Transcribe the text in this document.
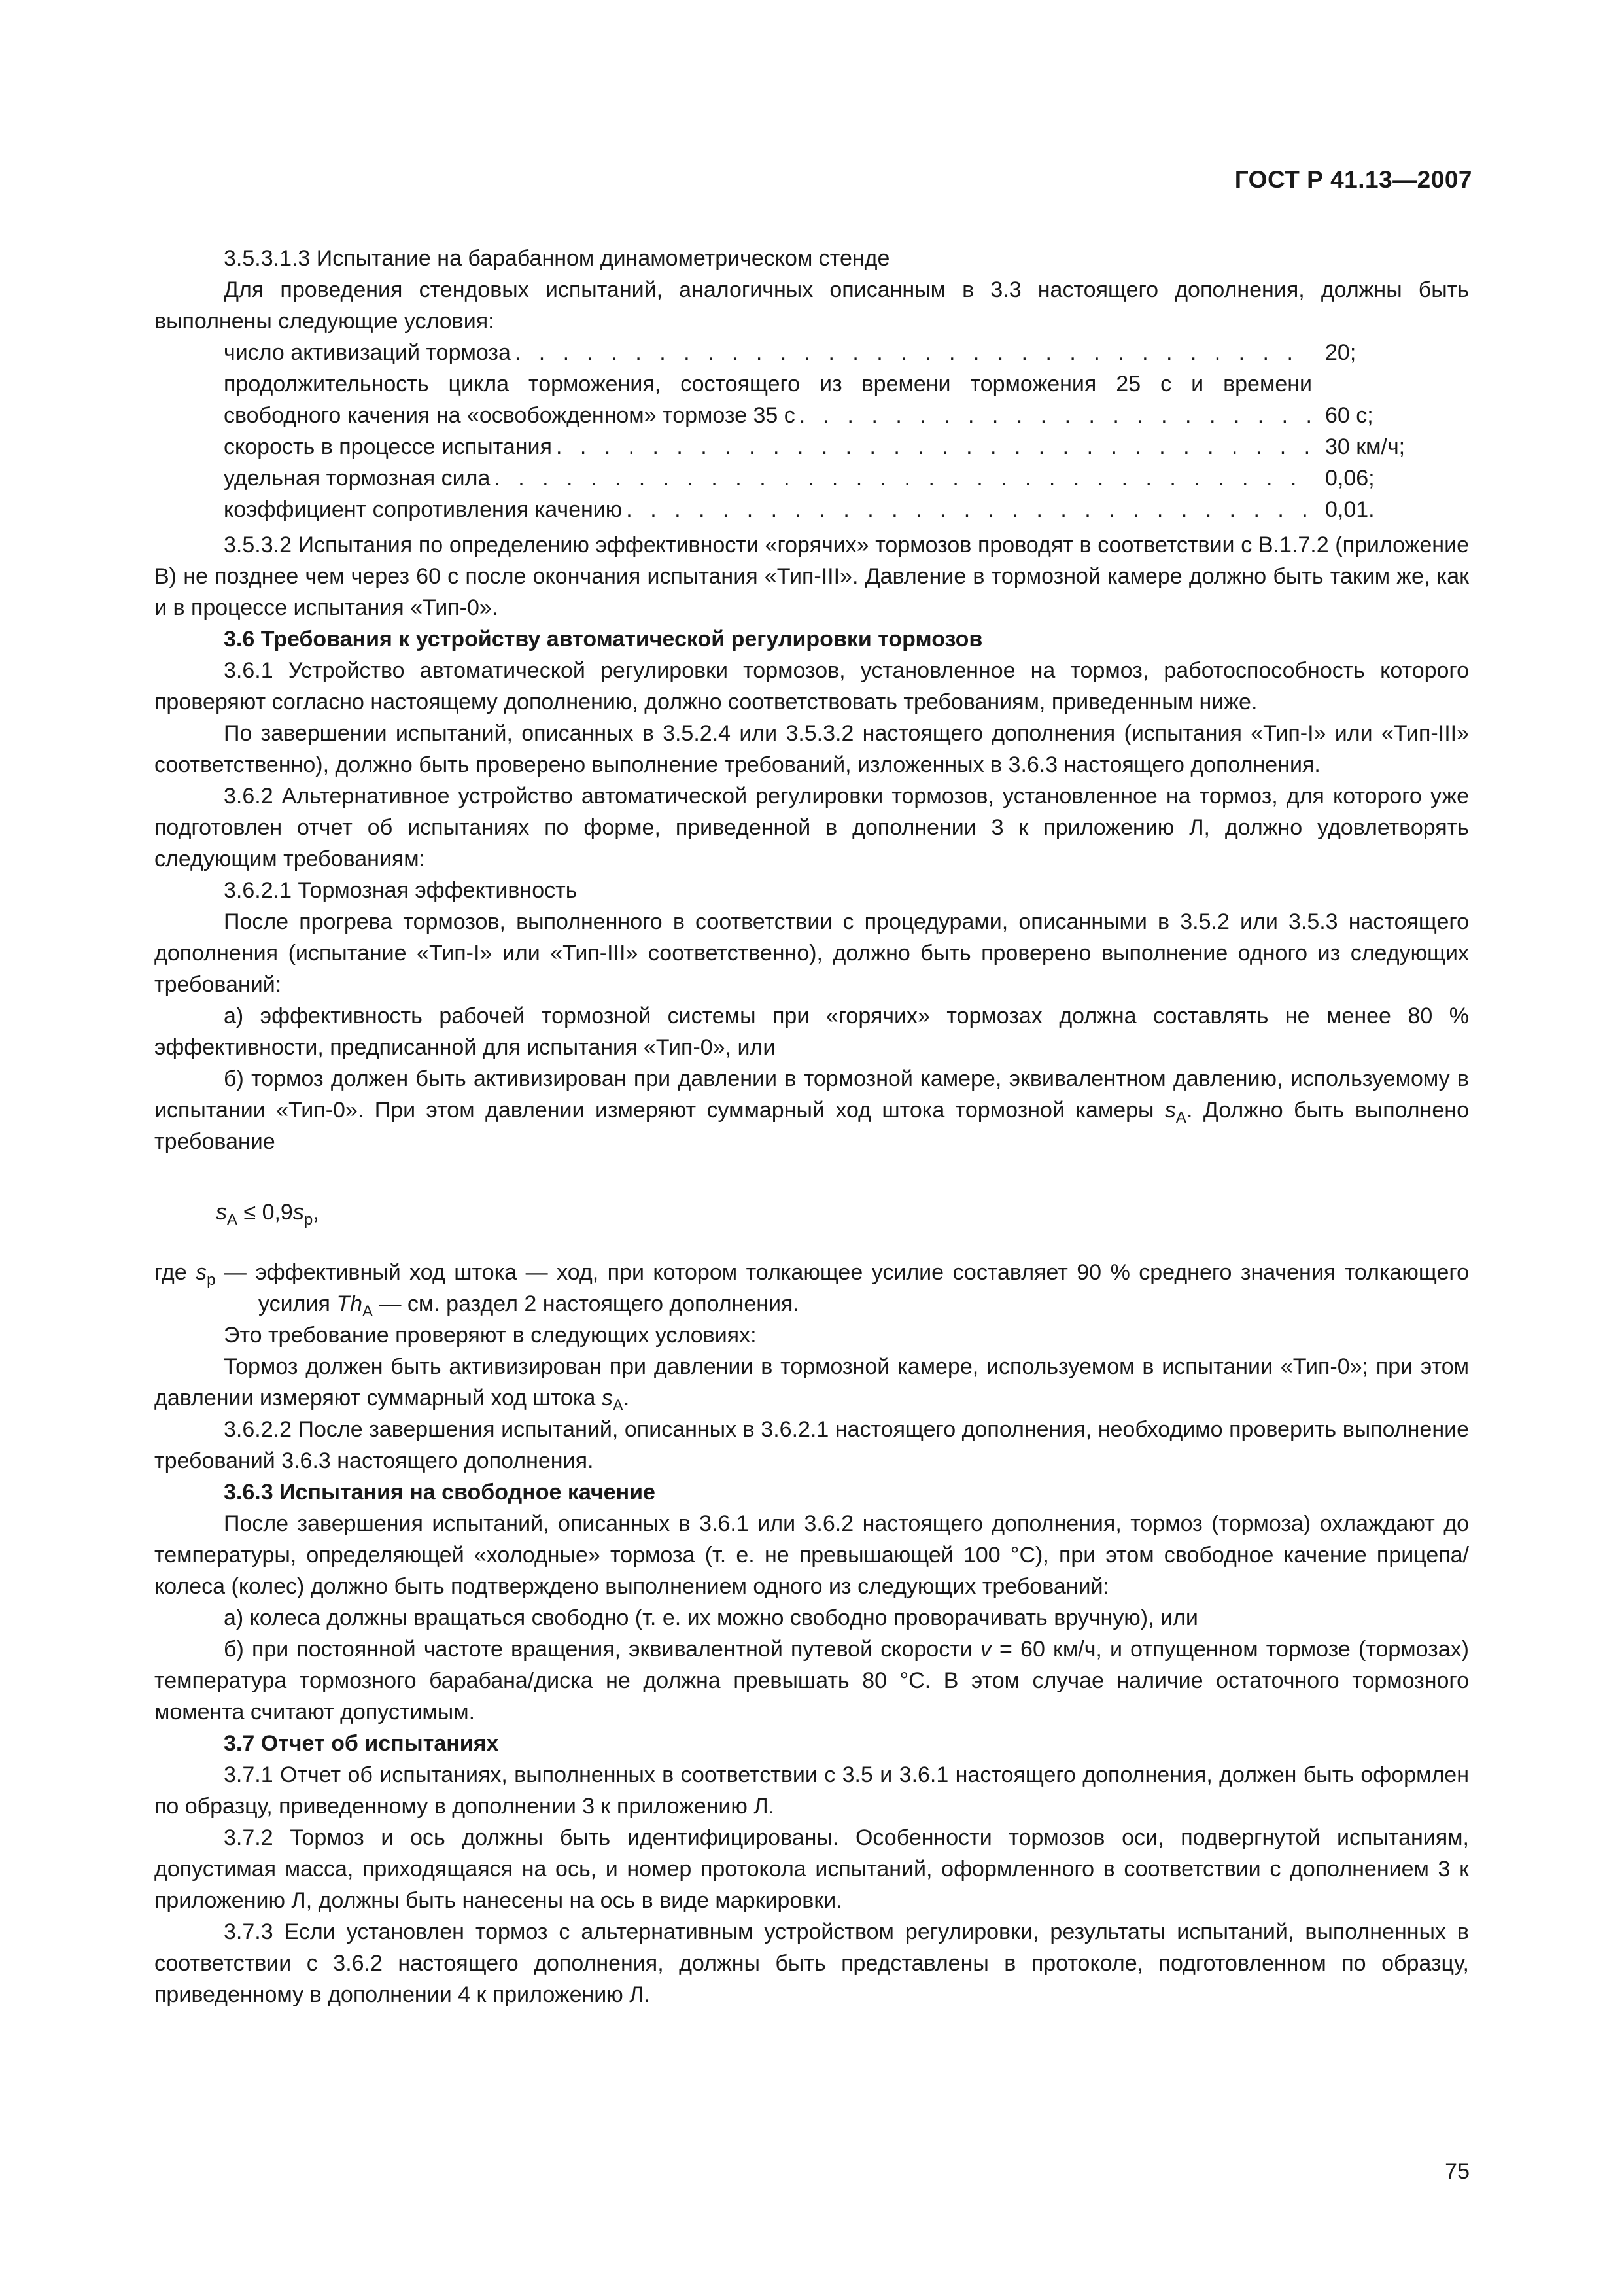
ГОСТ Р 41.13—2007

3.5.3.1.3 Испытание на барабанном динамометрическом стенде

Для проведения стендовых испытаний, аналогичных описанным в 3.3 настоящего дополнения, должны быть выполнены следующие условия:

число активизаций тормоза . . .	20;
продолжительность цикла торможения, состоящего из времени торможения 25 с и времени
свободного качения на «освобожденном» тормозе 35 с . . .	60 с;
скорость в процессе испытания . . .	30 км/ч;
удельная тормозная сила . . .	0,06;
коэффициент сопротивления качению . . .	0,01.

3.5.3.2 Испытания по определению эффективности «горячих» тормозов проводят в соответствии с В.1.7.2 (приложение В) не позднее чем через 60 с после окончания испытания «Тип-III». Давление в тормозной камере должно быть таким же, как и в процессе испытания «Тип-0».

3.6 Требования к устройству автоматической регулировки тормозов

3.6.1 Устройство автоматической регулировки тормозов, установленное на тормоз, работоспособность которого проверяют согласно настоящему дополнению, должно соответствовать требованиям, приведенным ниже.

По завершении испытаний, описанных в 3.5.2.4 или 3.5.3.2 настоящего дополнения (испытания «Тип-I» или «Тип-III» соответственно), должно быть проверено выполнение требований, изложенных в 3.6.3 настоящего дополнения.

3.6.2 Альтернативное устройство автоматической регулировки тормозов, установленное на тормоз, для которого уже подготовлен отчет об испытаниях по форме, приведенной в дополнении 3 к приложению Л, должно удовлетворять следующим требованиям:

3.6.2.1 Тормозная эффективность

После прогрева тормозов, выполненного в соответствии с процедурами, описанными в 3.5.2 или 3.5.3 настоящего дополнения (испытание «Тип-I» или «Тип-III» соответственно), должно быть проверено выполнение одного из следующих требований:

а) эффективность рабочей тормозной системы при «горячих» тормозах должна составлять не менее 80 % эффективности, предписанной для испытания «Тип-0», или

б) тормоз должен быть активизирован при давлении в тормозной камере, эквивалентном давлению, используемому в испытании «Тип-0». При этом давлении измеряют суммарный ход штока тормозной камеры $s_A$. Должно быть выполнено требование

$s_A \le 0,9s_p$,

где $s_p$ — эффективный ход штока — ход, при котором толкающее усилие составляет 90 % среднего значения толкающего усилия $Th_A$ — см. раздел 2 настоящего дополнения.

Это требование проверяют в следующих условиях:

Тормоз должен быть активизирован при давлении в тормозной камере, используемом в испытании «Тип-0»; при этом давлении измеряют суммарный ход штока $s_A$.

3.6.2.2 После завершения испытаний, описанных в 3.6.2.1 настоящего дополнения, необходимо проверить выполнение требований 3.6.3 настоящего дополнения.

3.6.3 Испытания на свободное качение

После завершения испытаний, описанных в 3.6.1 или 3.6.2 настоящего дополнения, тормоз (тормоза) охлаждают до температуры, определяющей «холодные» тормоза (т. е. не превышающей 100 °С), при этом свободное качение прицепа/колеса (колес) должно быть подтверждено выполнением одного из следующих требований:

а) колеса должны вращаться свободно (т. е. их можно свободно проворачивать вручную), или

б) при постоянной частоте вращения, эквивалентной путевой скорости v = 60 км/ч, и отпущенном тормозе (тормозах) температура тормозного барабана/диска не должна превышать 80 °С. В этом случае наличие остаточного тормозного момента считают допустимым.

3.7 Отчет об испытаниях

3.7.1 Отчет об испытаниях, выполненных в соответствии с 3.5 и 3.6.1 настоящего дополнения, должен быть оформлен по образцу, приведенному в дополнении 3 к приложению Л.

3.7.2 Тормоз и ось должны быть идентифицированы. Особенности тормозов оси, подвергнутой испытаниям, допустимая масса, приходящаяся на ось, и номер протокола испытаний, оформленного в соответствии с дополнением 3 к приложению Л, должны быть нанесены на ось в виде маркировки.

3.7.3 Если установлен тормоз с альтернативным устройством регулировки, результаты испытаний, выполненных в соответствии с 3.6.2 настоящего дополнения, должны быть представлены в протоколе, подготовленном по образцу, приведенному в дополнении 4 к приложению Л.

75
